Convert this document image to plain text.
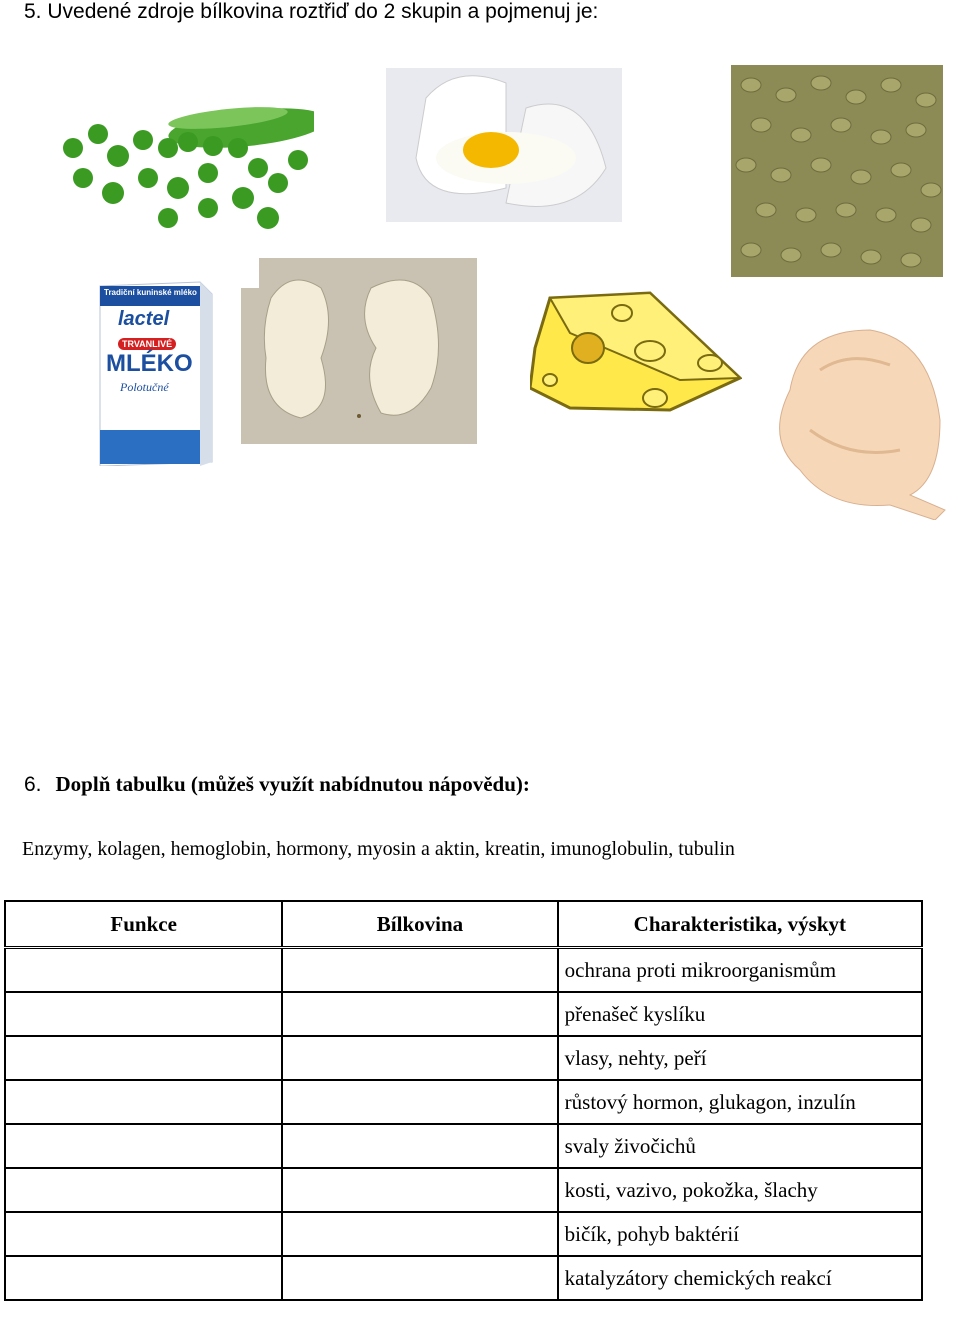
5. Uvedené zdroje bílkovina roztřiď do 2 skupin a pojmenuj je:
Tradiční kuninské mléko
lactel
TRVANLIVÉ
MLÉKO
Polotučné
6. Doplň tabulku (můžeš využít nabídnutou nápovědu):
Enzymy, kolagen, hemoglobin, hormony, myosin a aktin, kreatin, imunoglobulin, tubulin
Funkce	Bílkovina	Charakteristika, výskyt
		ochrana proti mikroorganismům
		přenašeč kyslíku
		vlasy, nehty, peří
		růstový hormon, glukagon, inzulín
		svaly živočichů
		kosti, vazivo, pokožka, šlachy
		bičík, pohyb baktérií
		katalyzátory chemických reakcí
